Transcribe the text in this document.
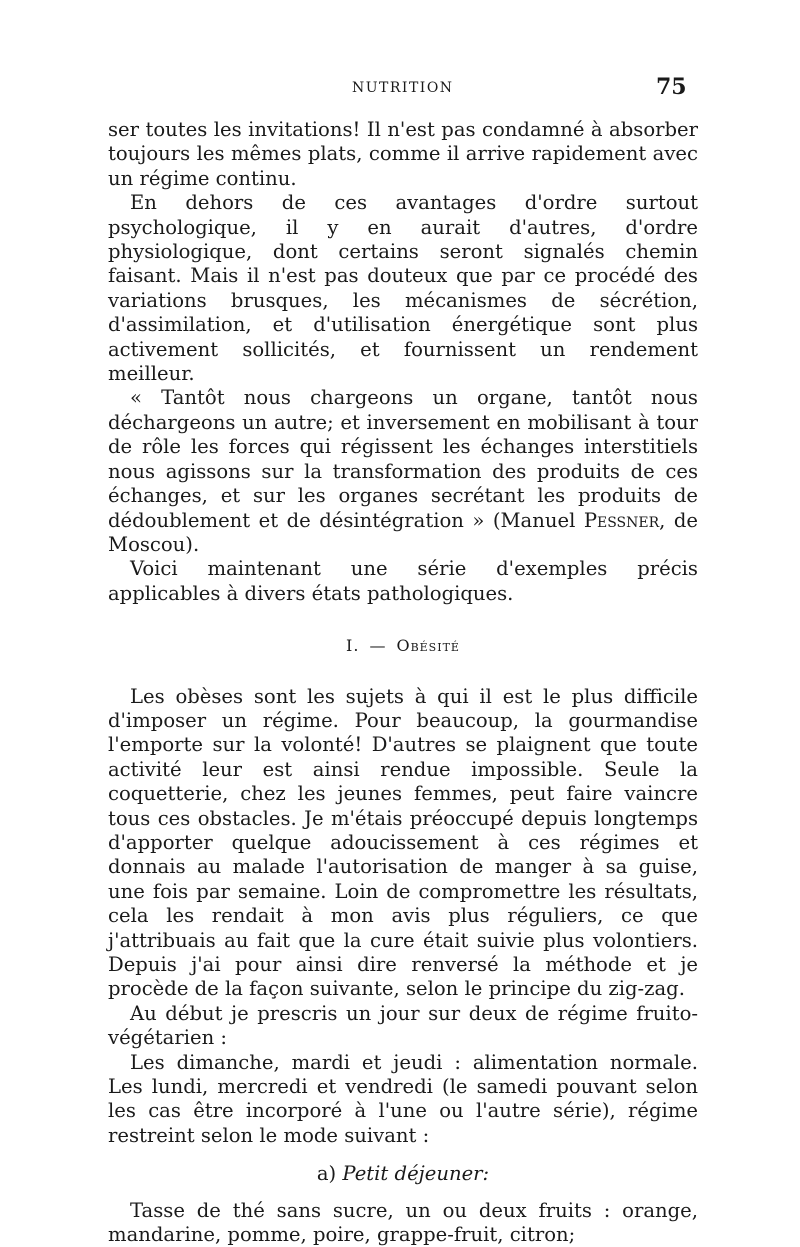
NUTRITION	75

ser toutes les invitations! Il n'est pas condamné à absorber toujours les mêmes plats, comme il arrive rapidement avec un régime continu.

En dehors de ces avantages d'ordre surtout psychologique, il y en aurait d'autres, d'ordre physiologique, dont certains seront signalés chemin faisant. Mais il n'est pas douteux que par ce procédé des variations brusques, les mécanismes de sécrétion, d'assimilation, et d'utilisation énergétique sont plus activement sollicités, et fournissent un rendement meilleur.

« Tantôt nous chargeons un organe, tantôt nous déchargeons un autre; et inversement en mobilisant à tour de rôle les forces qui régissent les échanges interstitiels nous agissons sur la transformation des produits de ces échanges, et sur les organes secrétant les produits de dédoublement et de désintégration » (Manuel Pessner, de Moscou).

Voici maintenant une série d'exemples précis applicables à divers états pathologiques.

I. — Obésité

Les obèses sont les sujets à qui il est le plus difficile d'imposer un régime. Pour beaucoup, la gourmandise l'emporte sur la volonté! D'autres se plaignent que toute activité leur est ainsi rendue impossible. Seule la coquetterie, chez les jeunes femmes, peut faire vaincre tous ces obstacles. Je m'étais préoccupé depuis longtemps d'apporter quelque adoucissement à ces régimes et donnais au malade l'autorisation de manger à sa guise, une fois par semaine. Loin de compromettre les résultats, cela les rendait à mon avis plus réguliers, ce que j'attribuais au fait que la cure était suivie plus volontiers. Depuis j'ai pour ainsi dire renversé la méthode et je procède de la façon suivante, selon le principe du zig-zag.

Au début je prescris un jour sur deux de régime fruito-végétarien :

Les dimanche, mardi et jeudi : alimentation normale. Les lundi, mercredi et vendredi (le samedi pouvant selon les cas être incorporé à l'une ou l'autre série), régime restreint selon le mode suivant :

a) Petit déjeuner:

Tasse de thé sans sucre, un ou deux fruits : orange, mandarine, pomme, poire, grappe-fruit, citron;
